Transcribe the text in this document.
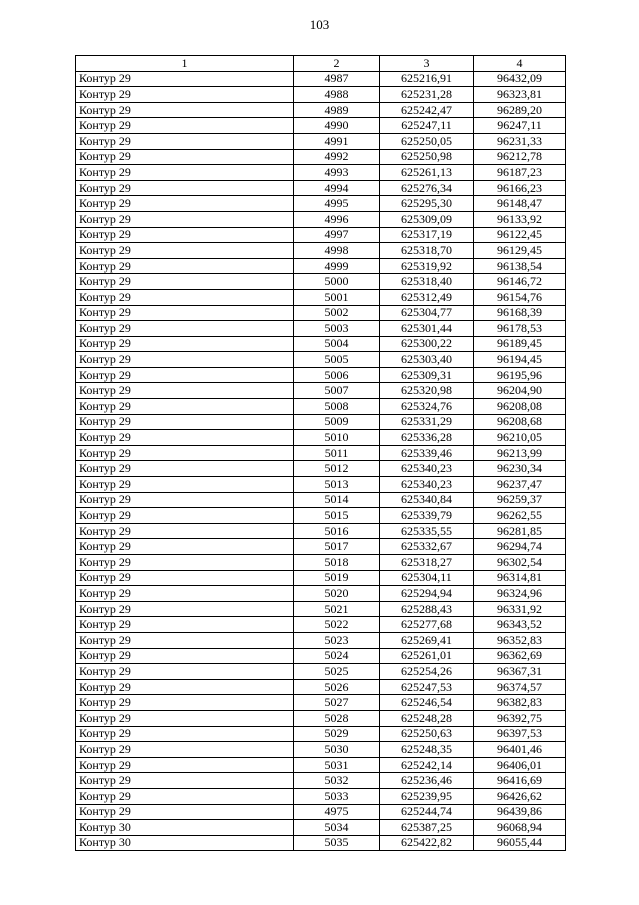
103
1	2	3	4
Контур 29	4987	625216,91	96432,09
Контур 29	4988	625231,28	96323,81
Контур 29	4989	625242,47	96289,20
Контур 29	4990	625247,11	96247,11
Контур 29	4991	625250,05	96231,33
Контур 29	4992	625250,98	96212,78
Контур 29	4993	625261,13	96187,23
Контур 29	4994	625276,34	96166,23
Контур 29	4995	625295,30	96148,47
Контур 29	4996	625309,09	96133,92
Контур 29	4997	625317,19	96122,45
Контур 29	4998	625318,70	96129,45
Контур 29	4999	625319,92	96138,54
Контур 29	5000	625318,40	96146,72
Контур 29	5001	625312,49	96154,76
Контур 29	5002	625304,77	96168,39
Контур 29	5003	625301,44	96178,53
Контур 29	5004	625300,22	96189,45
Контур 29	5005	625303,40	96194,45
Контур 29	5006	625309,31	96195,96
Контур 29	5007	625320,98	96204,90
Контур 29	5008	625324,76	96208,08
Контур 29	5009	625331,29	96208,68
Контур 29	5010	625336,28	96210,05
Контур 29	5011	625339,46	96213,99
Контур 29	5012	625340,23	96230,34
Контур 29	5013	625340,23	96237,47
Контур 29	5014	625340,84	96259,37
Контур 29	5015	625339,79	96262,55
Контур 29	5016	625335,55	96281,85
Контур 29	5017	625332,67	96294,74
Контур 29	5018	625318,27	96302,54
Контур 29	5019	625304,11	96314,81
Контур 29	5020	625294,94	96324,96
Контур 29	5021	625288,43	96331,92
Контур 29	5022	625277,68	96343,52
Контур 29	5023	625269,41	96352,83
Контур 29	5024	625261,01	96362,69
Контур 29	5025	625254,26	96367,31
Контур 29	5026	625247,53	96374,57
Контур 29	5027	625246,54	96382,83
Контур 29	5028	625248,28	96392,75
Контур 29	5029	625250,63	96397,53
Контур 29	5030	625248,35	96401,46
Контур 29	5031	625242,14	96406,01
Контур 29	5032	625236,46	96416,69
Контур 29	5033	625239,95	96426,62
Контур 29	4975	625244,74	96439,86
Контур 30	5034	625387,25	96068,94
Контур 30	5035	625422,82	96055,44
